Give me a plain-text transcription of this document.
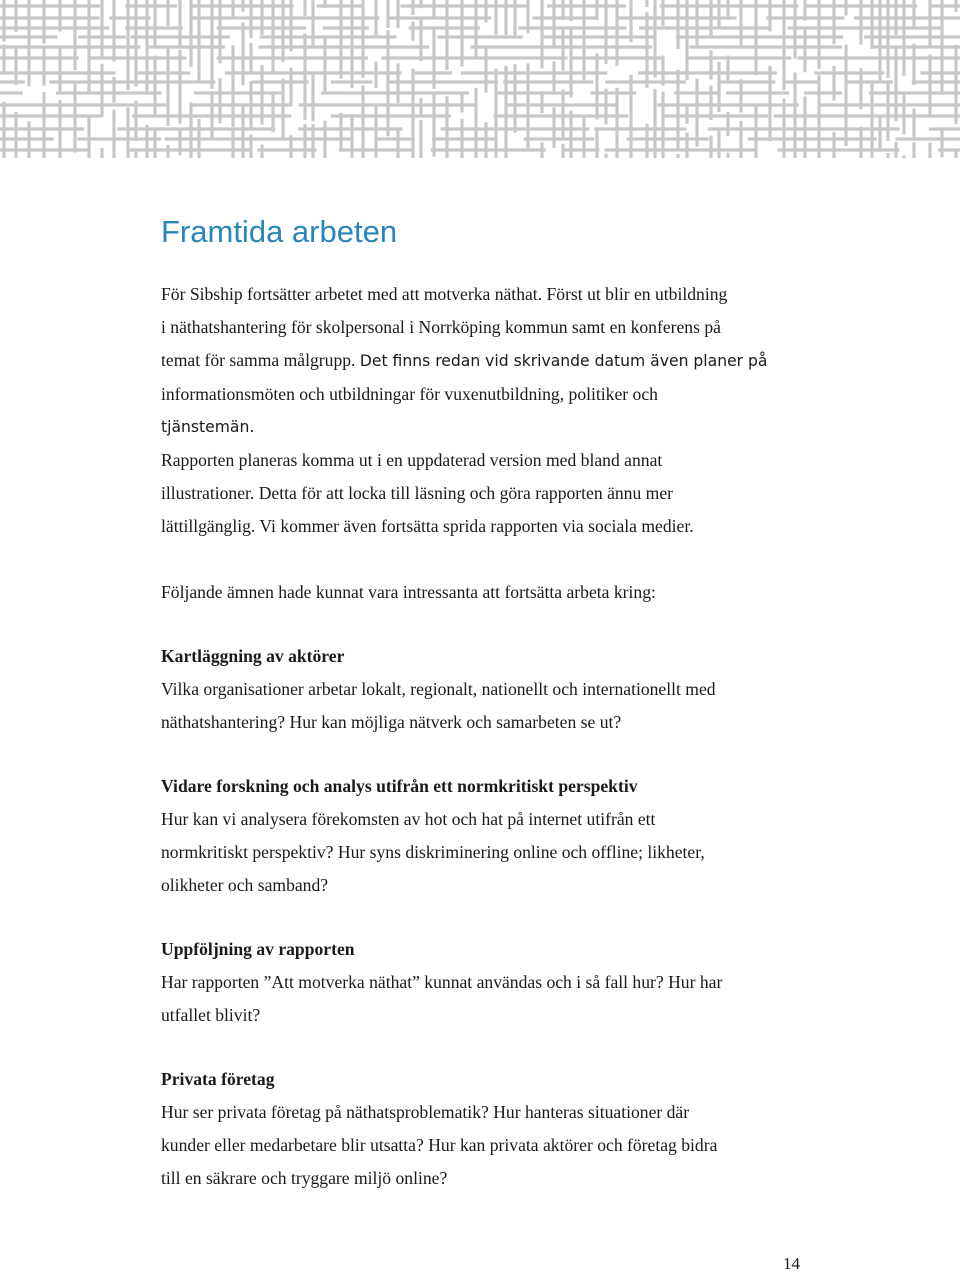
Framtida arbeten

För Sibship fortsätter arbetet med att motverka näthat. Först ut blir en utbildning
i näthatshantering för skolpersonal i Norrköping kommun samt en konferens på
temat för samma målgrupp. Det finns redan vid skrivande datum även planer på
informationsmöten och utbildningar för vuxenutbildning, politiker och
tjänstemän.
Rapporten planeras komma ut i en uppdaterad version med bland annat
illustrationer. Detta för att locka till läsning och göra rapporten ännu mer
lättillgänglig. Vi kommer även fortsätta sprida rapporten via sociala medier.

Följande ämnen hade kunnat vara intressanta att fortsätta arbeta kring:
Kartläggning av aktörer

Vilka organisationer arbetar lokalt, regionalt, nationellt och internationellt med
näthatshantering? Hur kan möjliga nätverk och samarbeten se ut?

Vidare forskning och analys utifrån ett normkritiskt perspektiv

Hur kan vi analysera förekomsten av hot och hat på internet utifrån ett
normkritiskt perspektiv? Hur syns diskriminering online och offline; likheter,
olikheter och samband?

Uppföljning av rapporten

Har rapporten ”Att motverka näthat” kunnat användas och i så fall hur? Hur har
utfallet blivit?

Privata företag

Hur ser privata företag på näthatsproblematik? Hur hanteras situationer där
kunder eller medarbetare blir utsatta? Hur kan privata aktörer och företag bidra
till en säkrare och tryggare miljö online?

14
